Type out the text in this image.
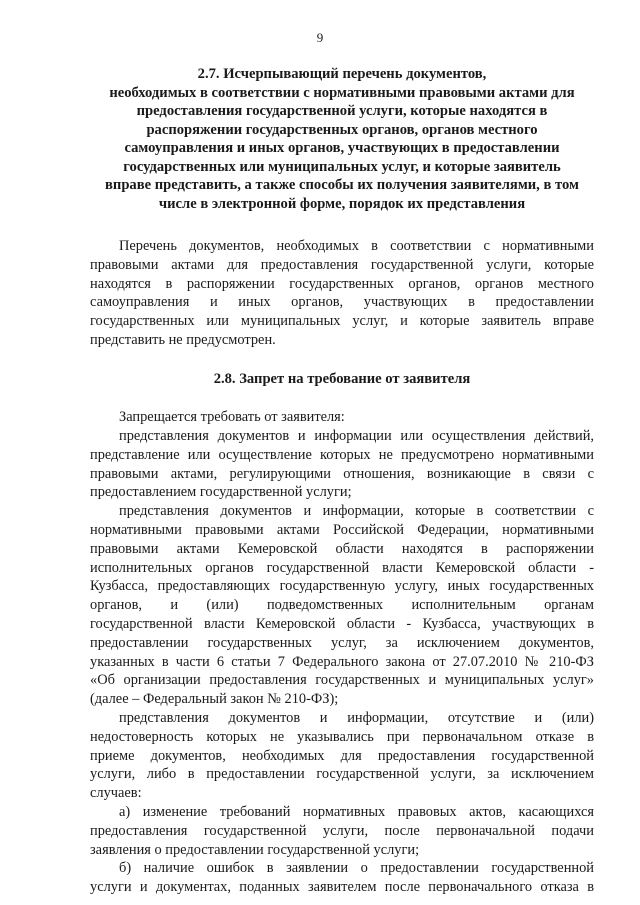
9
2.7. Исчерпывающий перечень документов,
необходимых в соответствии с нормативными правовыми актами для
предоставления государственной услуги, которые находятся в
распоряжении государственных органов, органов местного
самоуправления и иных органов, участвующих в предоставлении
государственных или муниципальных услуг, и которые заявитель
вправе представить, а также способы их получения заявителями, в том
числе в электронной форме, порядок их представления
Перечень документов, необходимых в соответствии с нормативными
правовыми актами для предоставления государственной услуги, которые
находятся в распоряжении государственных органов, органов местного
самоуправления и иных органов, участвующих в предоставлении
государственных или муниципальных услуг, и которые заявитель вправе
представить не предусмотрен.
2.8. Запрет на требование от заявителя
Запрещается требовать от заявителя:
представления документов и информации или осуществления действий,
представление или осуществление которых не предусмотрено нормативными
правовыми актами, регулирующими отношения, возникающие в связи с
предоставлением государственной услуги;
представления документов и информации, которые в соответствии с
нормативными правовыми актами Российской Федерации, нормативными
правовыми актами Кемеровской области находятся в распоряжении
исполнительных органов государственной власти Кемеровской области -
Кузбасса, предоставляющих государственную услугу, иных государственных
органов, и (или) подведомственных исполнительным органам
государственной власти Кемеровской области - Кузбасса, участвующих в
предоставлении государственных услуг, за исключением документов,
указанных в части 6 статьи 7 Федерального закона от 27.07.2010 № 210-ФЗ
«Об организации предоставления государственных и муниципальных услуг»
(далее – Федеральный закон № 210-ФЗ);
представления документов и информации, отсутствие и (или)
недостоверность которых не указывались при первоначальном отказе в
приеме документов, необходимых для предоставления государственной
услуги, либо в предоставлении государственной услуги, за исключением
случаев:
а) изменение требований нормативных правовых актов, касающихся
предоставления государственной услуги, после первоначальной подачи
заявления о предоставлении государственной услуги;
б) наличие ошибок в заявлении о предоставлении государственной
услуги и документах, поданных заявителем после первоначального отказа в
